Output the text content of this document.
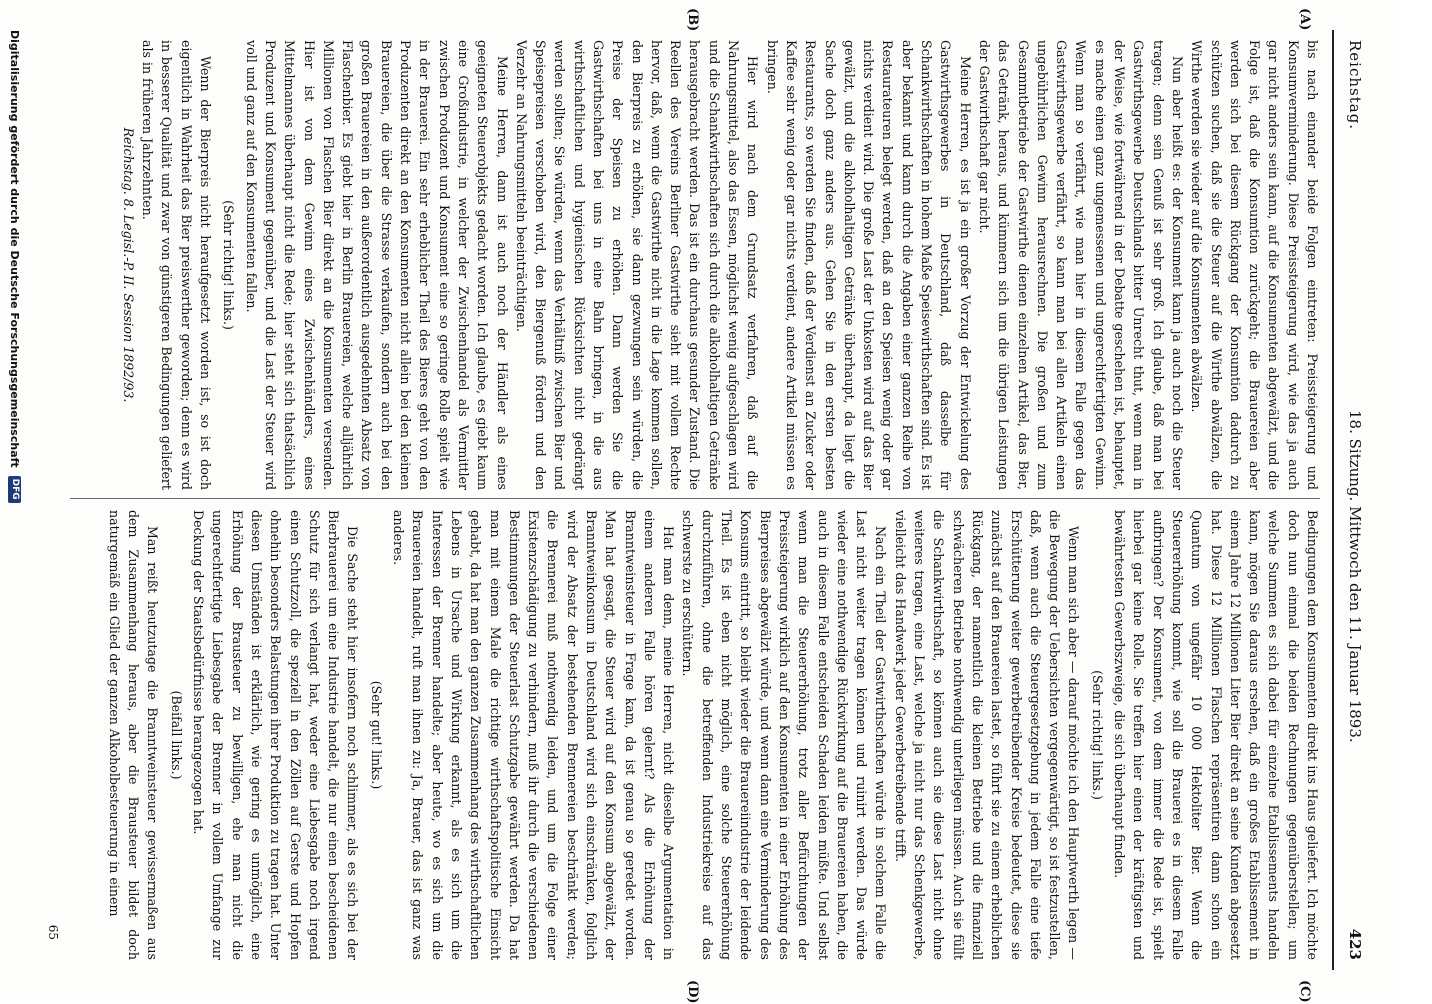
Reichstag.
18. Sitzung. Mittwoch den 11. Januar 1893.
423
(A)
(B)
(C)
(D)

bis nach einander beide Folgen eintreten: Preissteigerung und Konsumverminderung. Diese Preissteigerung wird, wie das ja auch gar nicht anders sein kann, auf die Konsumenten abgewälzt, und die Folge ist, daß die Konsumtion zurückgeht; die Brauereien aber werden sich bei diesem Rückgang der Konsumtion dadurch zu schützen suchen, daß sie die Steuer auf die Wirthe abwälzen, die Wirthe werden sie wieder auf die Konsumenten abwälzen.

Nun aber heißt es: der Konsument kann ja auch noch die Steuer tragen; denn sein Genuß ist sehr groß. Ich glaube, daß man bei Gastwirthsgewerbe Deutschlands bitter Unrecht thut, wenn man in der Weise, wie fortwährend in der Debatte geschehen ist, behauptet, es mache einen ganz ungemessenen und ungerechtfertigten Gewinn. Wenn man so verfährt, wie man hier in diesem Falle gegen das Gastwirthsgewerbe verfährt, so kann man bei allen Artikeln einen ungebührlichen Gewinn herausrechnen. Die großen und zum Gesammtbetriebe der Gastwirthe dienen einzelnen Artikel, das Bier, das Getränk, heraus, und kümmern sich um die übrigen Leistungen der Gastwirthschaft gar nicht.

Meine Herren, es ist ja ein großer Vorzug der Entwickelung des Gastwirthsgewerbes in Deutschland, daß dasselbe für Schankwirthschaften in hohem Maße Speisewirthschaften sind. Es ist aber bekannt und kann durch die Angaben einer ganzen Reihe von Restaurateuren belegt werden, daß an den Speisen wenig oder gar nichts verdient wird. Die große Last der Unkosten wird auf das Bier gewälzt, und die alkoholhaltigen Getränke überhaupt, da liegt die Sache doch ganz anders aus. Gehen Sie in den ersten besten Restaurants, so werden Sie finden, daß der Verdienst an Zucker oder Kaffee sehr wenig oder gar nichts verdient, andere Artikel müssen es bringen.

Hier wird nach dem Grundsatz verfahren, daß auf die Nahrungsmittel, also das Essen, möglichst wenig aufgeschlagen wird und die Schankwirthschaften sich durch die alkoholhaltigen Getränke herausgebracht werden. Das ist ein durchaus gesunder Zustand. Die Reellen des Vereins Berliner Gastwirthe sieht mit vollem Rechte hervor, daß, wenn die Gastwirthe nicht in die Lage kommen sollen, den Bierpreis zu erhöhen, sie dann gezwungen sein würden, die Preise der Speisen zu erhöhen. Dann werden Sie die Gastwirthschaften bei uns in eine Bahn bringen, in die aus wirthschaftlichen und hygienischen Rücksichten nicht gedrängt werden sollten; Sie würden, wenn das Verhältniß zwischen Bier und Speisepreisen verschoben wird, den Biergenuß fördern und den Verzehr an Nahrungsmitteln beeinträchtigen.

Meine Herren, dann ist auch noch der Händler als eines geeigneten Steuerobjekts gedacht worden. Ich glaube, es giebt kaum eine Großindustrie, in welcher der Zwischenhandel als Vermittler zwischen Produzent und Konsument eine so geringe Rolle spielt wie in der Brauerei. Ein sehr erheblicher Theil des Bieres geht von den Produzenten direkt an den Konsumenten nicht allein bei den kleinen Brauereien, die über die Strasse verkaufen, sondern auch bei den großen Brauereien in den außerordentlich ausgedehnten Absatz von Flaschenbier. Es giebt hier in Berlin Brauereien, welche alljährlich Millionen von Flaschen Bier direkt an die Konsumenten versenden. Hier ist von dem Gewinn eines Zwischenhändlers, eines Mittelmannes überhaupt nicht die Rede; hier steht sich thatsächlich Produzent und Konsument gegenüber, und die Last der Steuer wird voll und ganz auf den Konsumenten fallen.

(Sehr richtig! links.)

Wenn der Bierpreis nicht heraufgesetzt worden ist, so ist doch eigentlich in Wahrheit das Bier preiswerther geworden; denn es wird in besserer Qualität und zwar von günstigeren Bedingungen geliefert als in früheren Jahrzehnten.

Reichstag. 8. Legisl.-P. II. Session 1892/93.

Bedingungen dem Konsumenten direkt ins Haus geliefert. Ich möchte doch nun einmal die beiden Rechnungen gegenüberstellen; um welche Summen es sich dabei für einzelne Etablissements handeln kann, mögen Sie daraus ersehen, daß ein großes Etablissement in einem Jahre 12 Millionen Liter Bier direkt an seine Kunden abgesetzt hat. Diese 12 Millionen Flaschen repräsentiren dann schon ein Quantum von ungefähr 10 000 Hektoliter Bier. Wenn die Steuererhöhung kommt, wie soll die Brauerei es in diesem Falle aufbringen? Der Konsument, von dem immer die Rede ist, spielt hierbei gar keine Rolle. Sie treffen hier einen der kräftigsten und bewährtesten Gewerbszweige, die sich überhaupt finden.

(Sehr richtig! links.)

Wenn man sich aber — darauf möchte ich den Hauptwerth legen — die Bewegung der Uebersichten vergegenwärtigt, so ist festzustellen, daß, wenn auch die Steuergesetzgebung in jedem Falle eine tiefe Erschütterung weiter gewerbetreibender Kreise bedeutet, diese sie zunächst auf den Brauereien lastet, so führt sie zu einem erheblichen Rückgang, der namentlich die kleinen Betriebe und die finanziell schwächeren Betriebe nothwendig unterliegen müssen. Auch sie füllt die Schankwirthschaft, so können auch sie diese Last nicht ohne weiteres tragen, eine Last, welche ja nicht nur das Schenkgewerbe, vielleicht das Handwerk jeder Gewerbetreibende trifft.

Nach ein Theil der Gastwirthschaften würde in solchem Falle die Last nicht weiter tragen können und ruinirt werden. Das würde wieder eine nothwendige Rückwirkung auf die Brauereien haben, die auch in diesem Falle entscheiden Schaden leiden müßte. Und selbst wenn man die Steuererhöhung, trotz aller Befürchtungen der Preissteigerung wirklich auf den Konsumenten in einer Erhöhung des Bierpreises abgewälzt würde, und wenn dann eine Verminderung des Konsums eintritt, so bleibt wieder die Brauereiindustrie der leidende Theil. Es ist eben nicht möglich, eine solche Steuererhöhung durchzuführen, ohne die betreffenden Industriekreise auf das schwerste zu erschüttern.

Hat man denn, meine Herren, nicht dieselbe Argumentation in einem anderen Falle hören gelernt? Als die Erhöhung der Branntweinsteuer in Frage kam, da ist genau so geredet worden. Man hat gesagt, die Steuer wird auf den Konsum abgewälzt, der Branntweinkonsum in Deutschland wird sich einschränken, folglich wird der Absatz der bestehenden Brennereien beschränkt werden; die Brennerei muß nothwendig leiden, und um die Folge einer Existenzschädigung zu verhindern, muß ihr durch die verschiedenen Bestimmungen der Steuerlast Schutzgabe gewährt werden. Da hat man mit einem Male die richtige wirthschaftspolitische Einsicht gehabt, da hat man den ganzen Zusammenhang des wirthschaftlichen Lebens in Ursache und Wirkung erkannt, als es sich um die Interessen der Brenner handelte; aber heute, wo es sich um die Brauereien handelt, ruft man ihnen zu: Ja, Brauer, das ist ganz was anderes.

(Sehr gut! links.)

Die Sache steht hier insofern noch schlimmer, als es sich bei der Bierbrauerei um eine Industrie handelt, die nur einen bescheidenen Schutz für sich verlangt hat, weder eine Liebesgabe noch irgend einen Schutzzoll, die speziell in den Zöllen auf Gerste und Hopfen ohnehin besonders Belastungen ihrer Produktion zu tragen hat. Unter diesen Umständen ist erklärlich, wie gering es unmöglich, eine Erhöhung der Brausteuer zu bewilligen, ehe man nicht die ungerechtfertigte Liebesgabe der Brenner in vollem Umfange zur Deckung der Staatsbedürfnisse herangezogen hat.

(Beifall links.)

Man reißt heutzutage die Branntweinsteuer gewissermaßen aus dem Zusammenhang heraus, aber die Brausteuer bildet doch naturgemäß ein Glied der ganzen Alkoholbesteuerung in einem

65
Digitalisierung gefördert durch die Deutsche Forschungsgemeinschaft
DFG
